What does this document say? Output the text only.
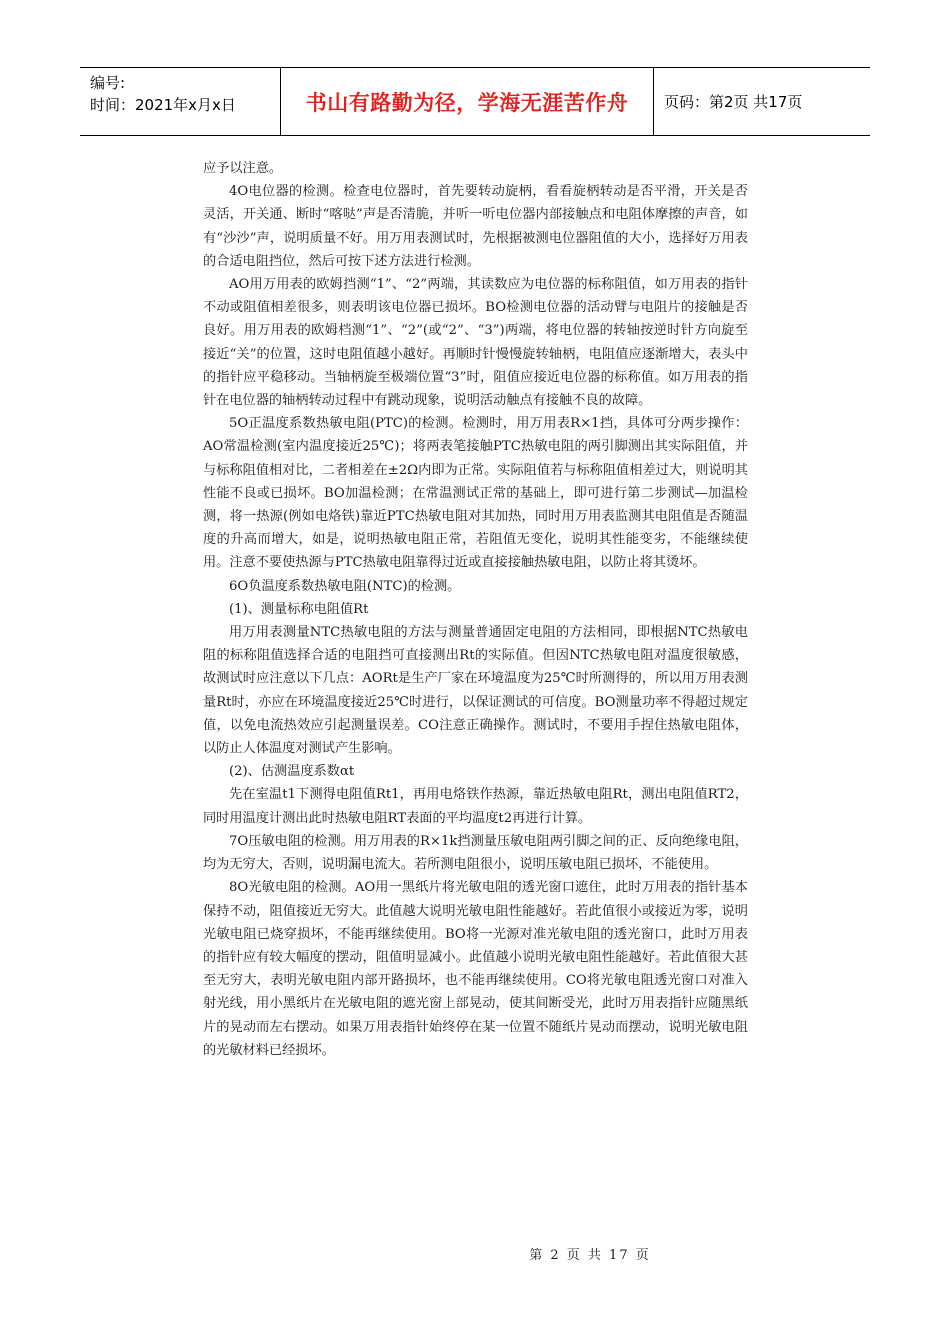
编号:
时间：2021年x月x日	书山有路勤为径，学海无涯苦作舟	页码：第2页 共17页

应予以注意。

4O电位器的检测。检查电位器时，首先要转动旋柄，看看旋柄转动是否平滑，开关是否灵活，开关通、断时“喀哒”声是否清脆，并听一听电位器内部接触点和电阻体摩擦的声音，如有“沙沙”声，说明质量不好。用万用表测试时，先根据被测电位器阻值的大小，选择好万用表的合适电阻挡位，然后可按下述方法进行检测。

AO用万用表的欧姆挡测“1”、“2”两端，其读数应为电位器的标称阻值，如万用表的指针不动或阻值相差很多，则表明该电位器已损坏。BO检测电位器的活动臂与电阻片的接触是否良好。用万用表的欧姆档测“1”、“2”(或“2”、“3”)两端，将电位器的转轴按逆时针方向旋至接近“关”的位置，这时电阻值越小越好。再顺时针慢慢旋转轴柄，电阻值应逐渐增大，表头中的指针应平稳移动。当轴柄旋至极端位置“3”时，阻值应接近电位器的标称值。如万用表的指针在电位器的轴柄转动过程中有跳动现象，说明活动触点有接触不良的故障。

5O正温度系数热敏电阻(PTC)的检测。检测时，用万用表R×1挡，具体可分两步操作：AO常温检测(室内温度接近25℃)；将两表笔接触PTC热敏电阻的两引脚测出其实际阻值，并与标称阻值相对比，二者相差在±2Ω内即为正常。实际阻值若与标称阻值相差过大，则说明其性能不良或已损坏。BO加温检测；在常温测试正常的基础上，即可进行第二步测试—加温检测，将一热源(例如电烙铁)靠近PTC热敏电阻对其加热，同时用万用表监测其电阻值是否随温度的升高而增大，如是，说明热敏电阻正常，若阻值无变化，说明其性能变劣，不能继续使用。注意不要使热源与PTC热敏电阻靠得过近或直接接触热敏电阻，以防止将其烫坏。

6O负温度系数热敏电阻(NTC)的检测。

(1)、测量标称电阻值Rt

用万用表测量NTC热敏电阻的方法与测量普通固定电阻的方法相同，即根据NTC热敏电阻的标称阻值选择合适的电阻挡可直接测出Rt的实际值。但因NTC热敏电阻对温度很敏感，故测试时应注意以下几点：AORt是生产厂家在环境温度为25℃时所测得的，所以用万用表测量Rt时，亦应在环境温度接近25℃时进行，以保证测试的可信度。BO测量功率不得超过规定值，以免电流热效应引起测量误差。CO注意正确操作。测试时，不要用手捏住热敏电阻体，以防止人体温度对测试产生影响。

(2)、估测温度系数αt

先在室温t1下测得电阻值Rt1，再用电烙铁作热源，靠近热敏电阻Rt，测出电阻值RT2，同时用温度计测出此时热敏电阻RT表面的平均温度t2再进行计算。

7O压敏电阻的检测。用万用表的R×1k挡测量压敏电阻两引脚之间的正、反向绝缘电阻，均为无穷大，否则，说明漏电流大。若所测电阻很小，说明压敏电阻已损坏，不能使用。

8O光敏电阻的检测。AO用一黑纸片将光敏电阻的透光窗口遮住，此时万用表的指针基本保持不动，阻值接近无穷大。此值越大说明光敏电阻性能越好。若此值很小或接近为零，说明光敏电阻已烧穿损坏，不能再继续使用。BO将一光源对准光敏电阻的透光窗口，此时万用表的指针应有较大幅度的摆动，阻值明显减小。此值越小说明光敏电阻性能越好。若此值很大甚至无穷大，表明光敏电阻内部开路损坏，也不能再继续使用。CO将光敏电阻透光窗口对准入射光线，用小黑纸片在光敏电阻的遮光窗上部晃动，使其间断受光，此时万用表指针应随黑纸片的晃动而左右摆动。如果万用表指针始终停在某一位置不随纸片晃动而摆动，说明光敏电阻的光敏材料已经损坏。

第 2 页 共 17 页
